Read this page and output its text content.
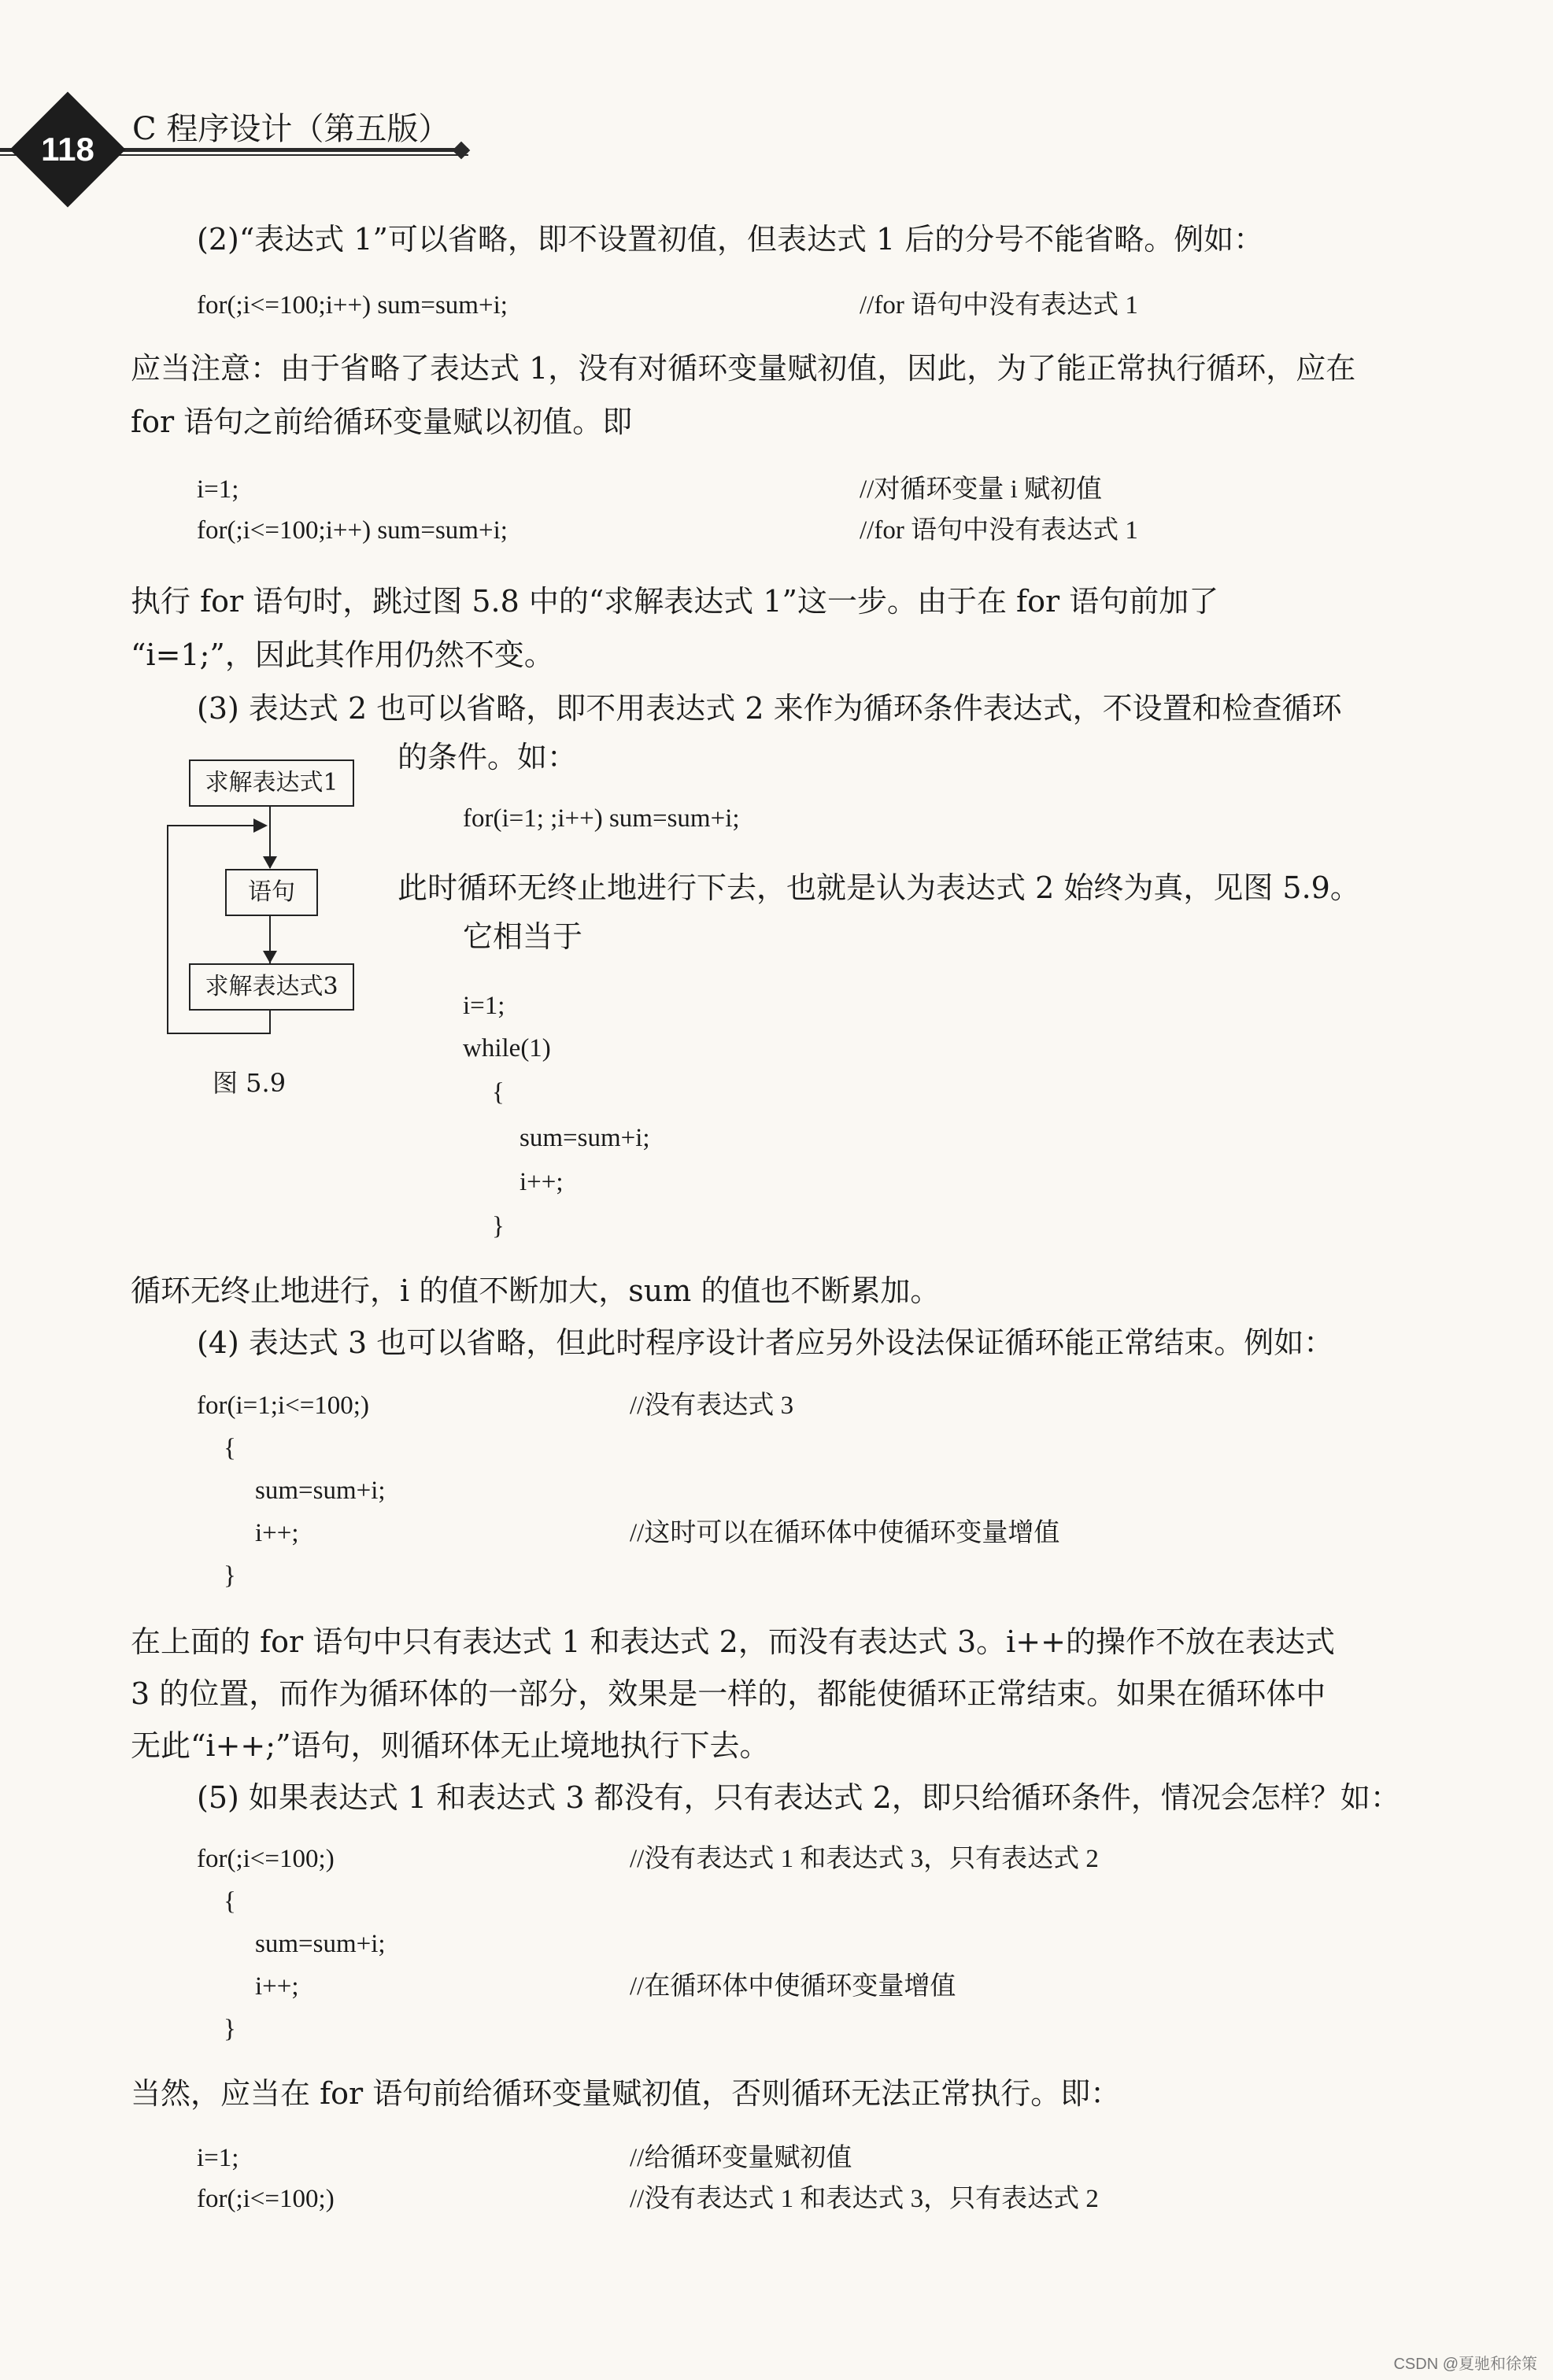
118
C 程序设计（第五版）
(2)“表达式 1”可以省略，即不设置初值，但表达式 1 后的分号不能省略。例如：
for(;i<=100;i++) sum=sum+i;	//for 语句中没有表达式 1
应当注意：由于省略了表达式 1，没有对循环变量赋初值，因此，为了能正常执行循环，应在
for 语句之前给循环变量赋以初值。即
i=1;	//对循环变量 i 赋初值
for(;i<=100;i++) sum=sum+i;	//for 语句中没有表达式 1
执行 for 语句时，跳过图 5.8 中的“求解表达式 1”这一步。由于在 for 语句前加了
“i=1;”，因此其作用仍然不变。
(3) 表达式 2 也可以省略，即不用表达式 2 来作为循环条件表达式，不设置和检查循环
的条件。如：
for(i=1; ;i++) sum=sum+i;
此时循环无终止地进行下去，也就是认为表达式 2 始终为真，见图 5.9。
它相当于
i=1;
while(1)
{
sum=sum+i;
i++;
}
求解表达式1
语句
求解表达式3
图 5.9
循环无终止地进行，i 的值不断加大，sum 的值也不断累加。
(4) 表达式 3 也可以省略，但此时程序设计者应另外设法保证循环能正常结束。例如：
for(i=1;i<=100;)	//没有表达式 3
{
sum=sum+i;
i++;	//这时可以在循环体中使循环变量增值
}
在上面的 for 语句中只有表达式 1 和表达式 2，而没有表达式 3。i++的操作不放在表达式
3 的位置，而作为循环体的一部分，效果是一样的，都能使循环正常结束。如果在循环体中
无此“i++;”语句，则循环体无止境地执行下去。
(5) 如果表达式 1 和表达式 3 都没有，只有表达式 2，即只给循环条件，情况会怎样？如：
for(;i<=100;)	//没有表达式 1 和表达式 3，只有表达式 2
{
sum=sum+i;
i++;	//在循环体中使循环变量增值
}
当然，应当在 for 语句前给循环变量赋初值，否则循环无法正常执行。即：
i=1;	//给循环变量赋初值
for(;i<=100;)	//没有表达式 1 和表达式 3，只有表达式 2
CSDN @夏驰和徐策
